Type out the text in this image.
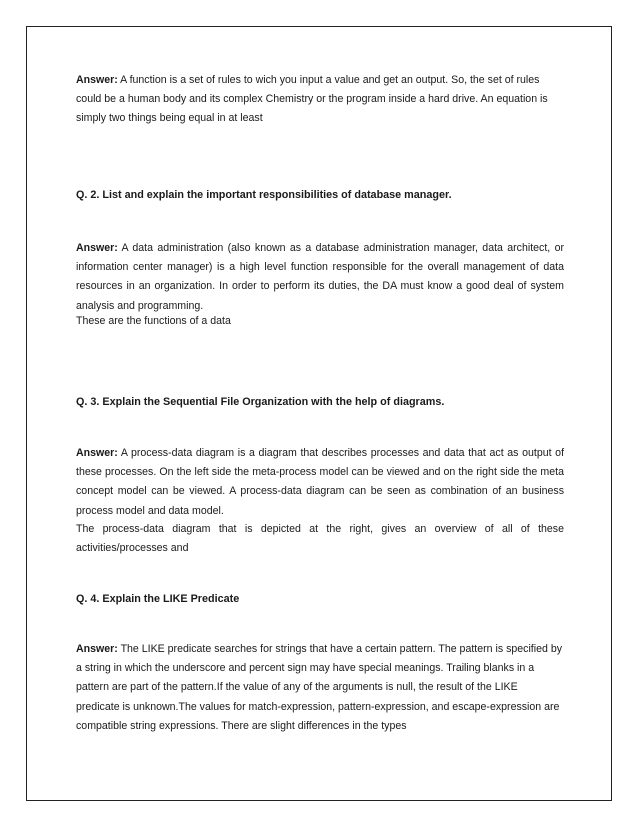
Answer: A function is a set of rules to wich you input a value and get an output. So, the set of rules could be a human body and its complex Chemistry or the program inside a hard drive. An equation is simply two things being equal in at least

Q. 2. List and explain the important responsibilities of database manager.

Answer: A data administration (also known as a database administration manager, data architect, or information center manager) is a high level function responsible for the overall management of data resources in an organization. In order to perform its duties, the DA must know a good deal of system analysis and programming.

These are the functions of a data
Q. 3. Explain the Sequential File Organization with the help of diagrams.

Answer: A process-data diagram is a diagram that describes processes and data that act as output of these processes. On the left side the meta-process model can be viewed and on the right side the meta concept model can be viewed. A process-data diagram can be seen as combination of an business process model and data model.

The process-data diagram that is depicted at the right, gives an overview of all of these activities/processes and
Q. 4. Explain the LIKE Predicate

Answer: The LIKE predicate searches for strings that have a certain pattern. The pattern is specified by a string in which the underscore and percent sign may have special meanings. Trailing blanks in a pattern are part of the pattern.If the value of any of the arguments is null, the result of the LIKE predicate is unknown.The values for match-expression, pattern-expression, and escape-expression are compatible string expressions. There are slight differences in the types
